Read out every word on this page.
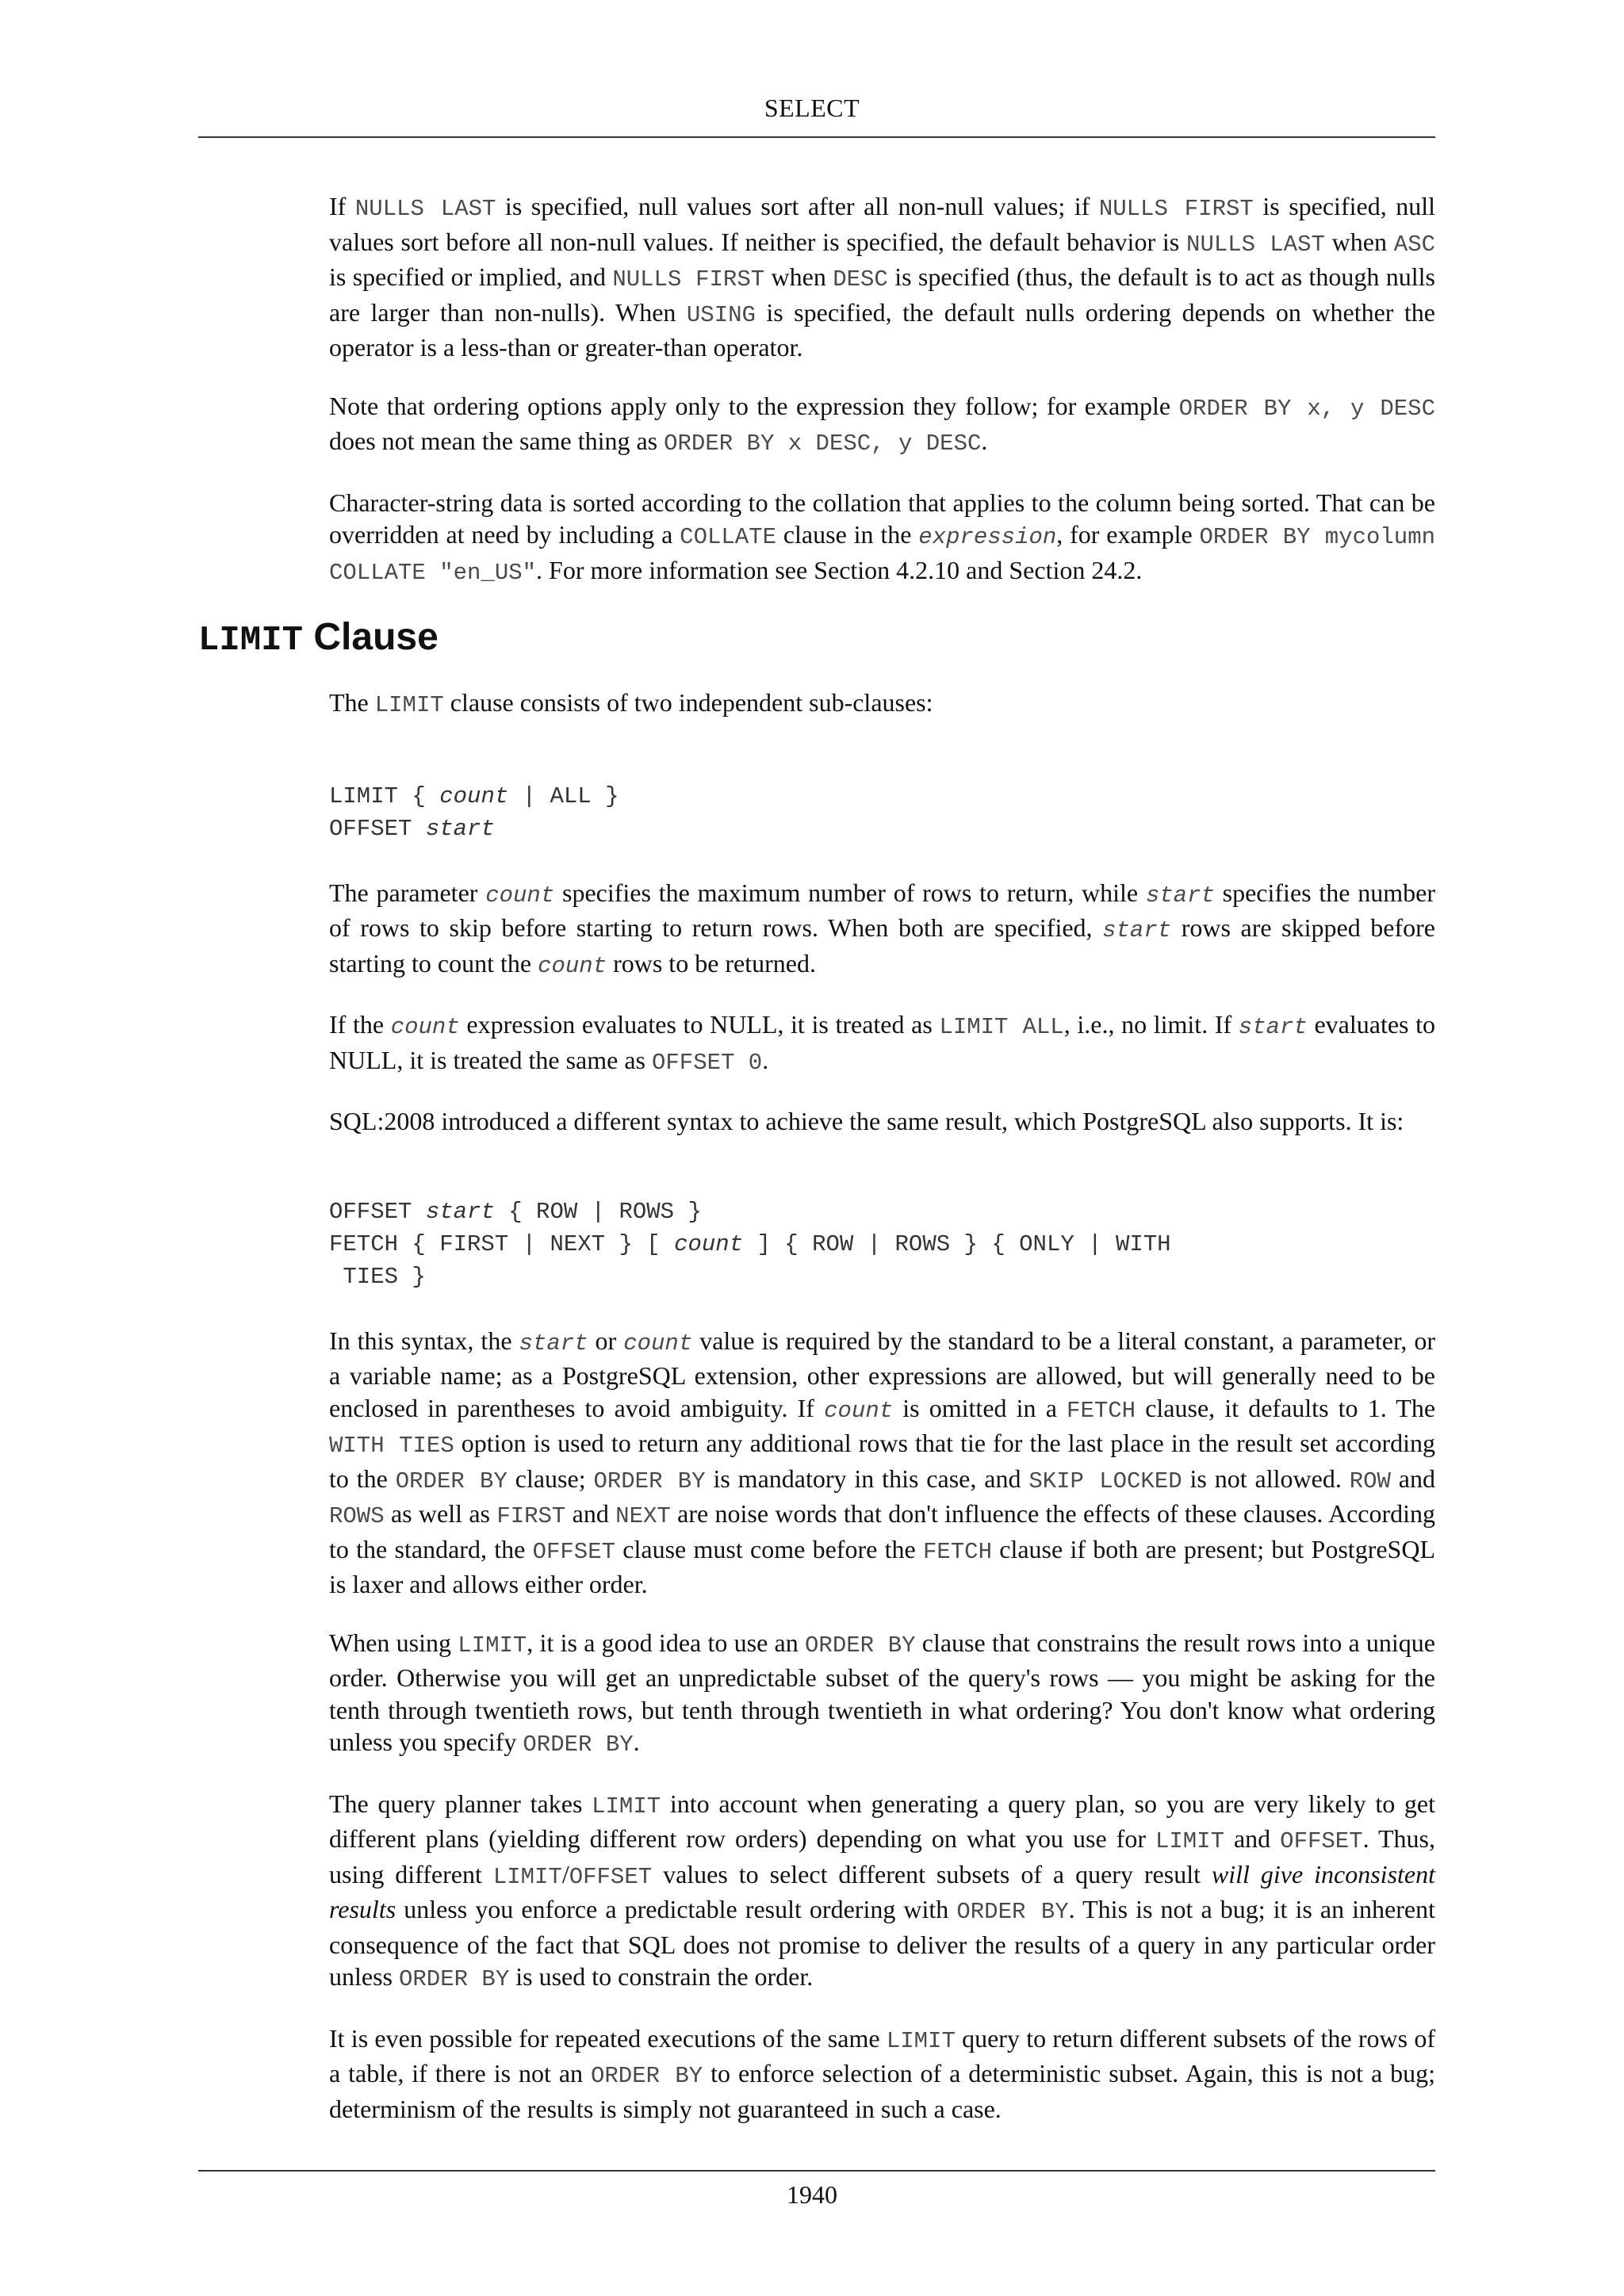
SELECT

If NULLS LAST is specified, null values sort after all non-null values; if NULLS FIRST is specified, null values sort before all non-null values. If neither is specified, the default behavior is NULLS LAST when ASC is specified or implied, and NULLS FIRST when DESC is specified (thus, the default is to act as though nulls are larger than non-nulls). When USING is specified, the default nulls ordering depends on whether the operator is a less-than or greater-than operator.

Note that ordering options apply only to the expression they follow; for example ORDER BY x, y DESC does not mean the same thing as ORDER BY x DESC, y DESC.

Character-string data is sorted according to the collation that applies to the column being sorted. That can be overridden at need by including a COLLATE clause in the expression, for example ORDER BY mycolumn COLLATE "en_US". For more information see Section 4.2.10 and Section 24.2.

LIMIT Clause

The LIMIT clause consists of two independent sub-clauses:

LIMIT { count | ALL }
OFFSET start

The parameter count specifies the maximum number of rows to return, while start specifies the number of rows to skip before starting to return rows. When both are specified, start rows are skipped before starting to count the count rows to be returned.

If the count expression evaluates to NULL, it is treated as LIMIT ALL, i.e., no limit. If start evaluates to NULL, it is treated the same as OFFSET 0.

SQL:2008 introduced a different syntax to achieve the same result, which PostgreSQL also supports. It is:

OFFSET start { ROW | ROWS }
FETCH { FIRST | NEXT } [ count ] { ROW | ROWS } { ONLY | WITH
TIES }

In this syntax, the start or count value is required by the standard to be a literal constant, a parameter, or a variable name; as a PostgreSQL extension, other expressions are allowed, but will generally need to be enclosed in parentheses to avoid ambiguity. If count is omitted in a FETCH clause, it defaults to 1. The WITH TIES option is used to return any additional rows that tie for the last place in the result set according to the ORDER BY clause; ORDER BY is mandatory in this case, and SKIP LOCKED is not allowed. ROW and ROWS as well as FIRST and NEXT are noise words that don't influence the effects of these clauses. According to the standard, the OFFSET clause must come before the FETCH clause if both are present; but PostgreSQL is laxer and allows either order.

When using LIMIT, it is a good idea to use an ORDER BY clause that constrains the result rows into a unique order. Otherwise you will get an unpredictable subset of the query's rows — you might be asking for the tenth through twentieth rows, but tenth through twentieth in what ordering? You don't know what ordering unless you specify ORDER BY.

The query planner takes LIMIT into account when generating a query plan, so you are very likely to get different plans (yielding different row orders) depending on what you use for LIMIT and OFFSET. Thus, using different LIMIT/OFFSET values to select different subsets of a query result will give inconsistent results unless you enforce a predictable result ordering with ORDER BY. This is not a bug; it is an inherent consequence of the fact that SQL does not promise to deliver the results of a query in any particular order unless ORDER BY is used to constrain the order.

It is even possible for repeated executions of the same LIMIT query to return different subsets of the rows of a table, if there is not an ORDER BY to enforce selection of a deterministic subset. Again, this is not a bug; determinism of the results is simply not guaranteed in such a case.

1940
